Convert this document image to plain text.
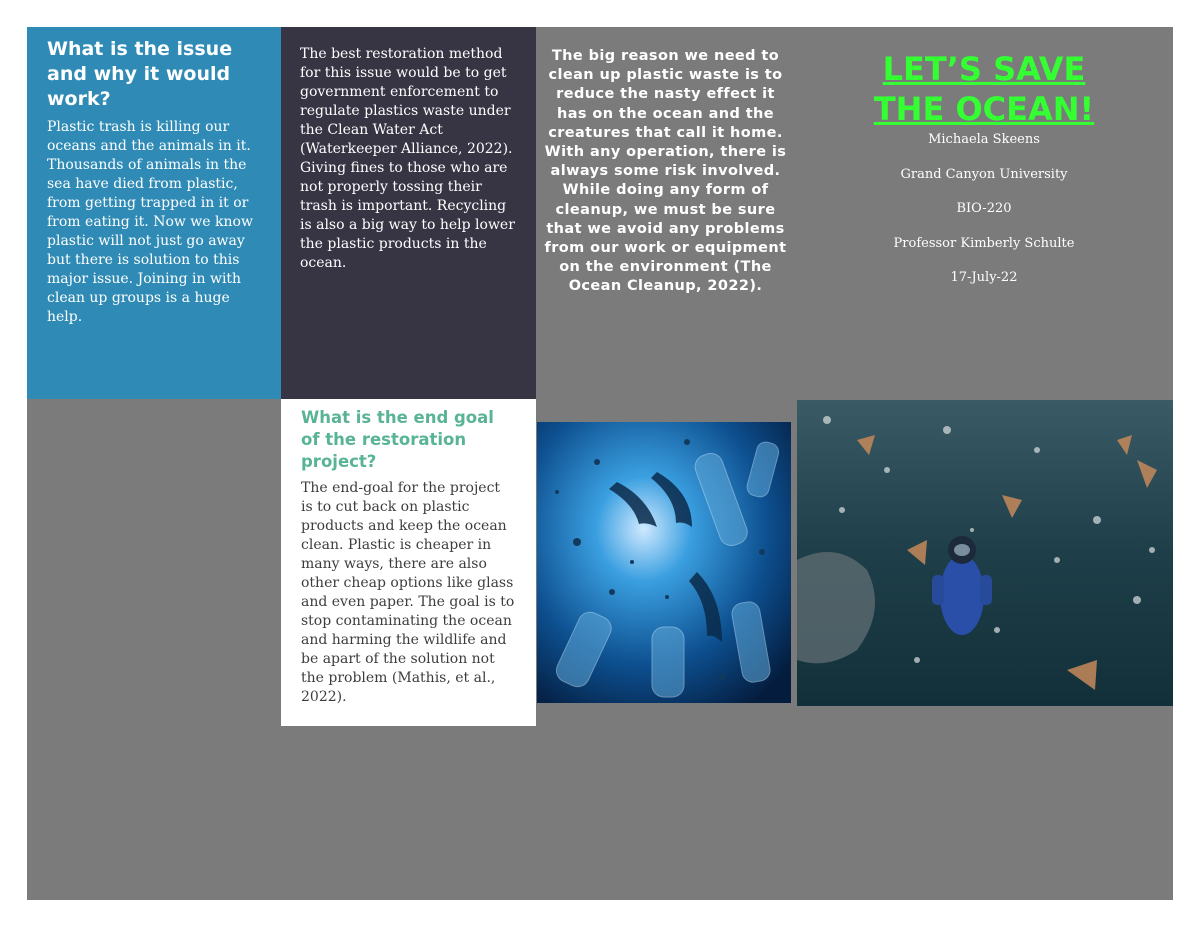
What is the issue and why it would work?

Plastic trash is killing our oceans and the animals in it. Thousands of animals in the sea have died from plastic, from getting trapped in it or from eating it. Now we know plastic will not just go away but there is solution to this major issue. Joining in with clean up groups is a huge help.

The best restoration method for this issue would be to get government enforcement to regulate plastics waste under the Clean Water Act (Waterkeeper Alliance, 2022). Giving fines to those who are not properly tossing their trash is important. Recycling is also a big way to help lower the plastic products in the ocean.

The big reason we need to clean up plastic waste is to reduce the nasty effect it has on the ocean and the creatures that call it home. With any operation, there is always some risk involved. While doing any form of cleanup, we must be sure that we avoid any problems from our work or equipment on the environment (The Ocean Cleanup, 2022).

LET’S SAVE
THE OCEAN!
Michaela Skeens
Grand Canyon University
BIO-220
Professor Kimberly Schulte
17-July-22
What is the end goal of the restoration project?

The end-goal for the project is to cut back on plastic products and keep the ocean clean. Plastic is cheaper in many ways, there are also other cheap options like glass and even paper. The goal is to stop contaminating the ocean and harming the wildlife and be apart of the solution not the problem (Mathis, et al., 2022).
